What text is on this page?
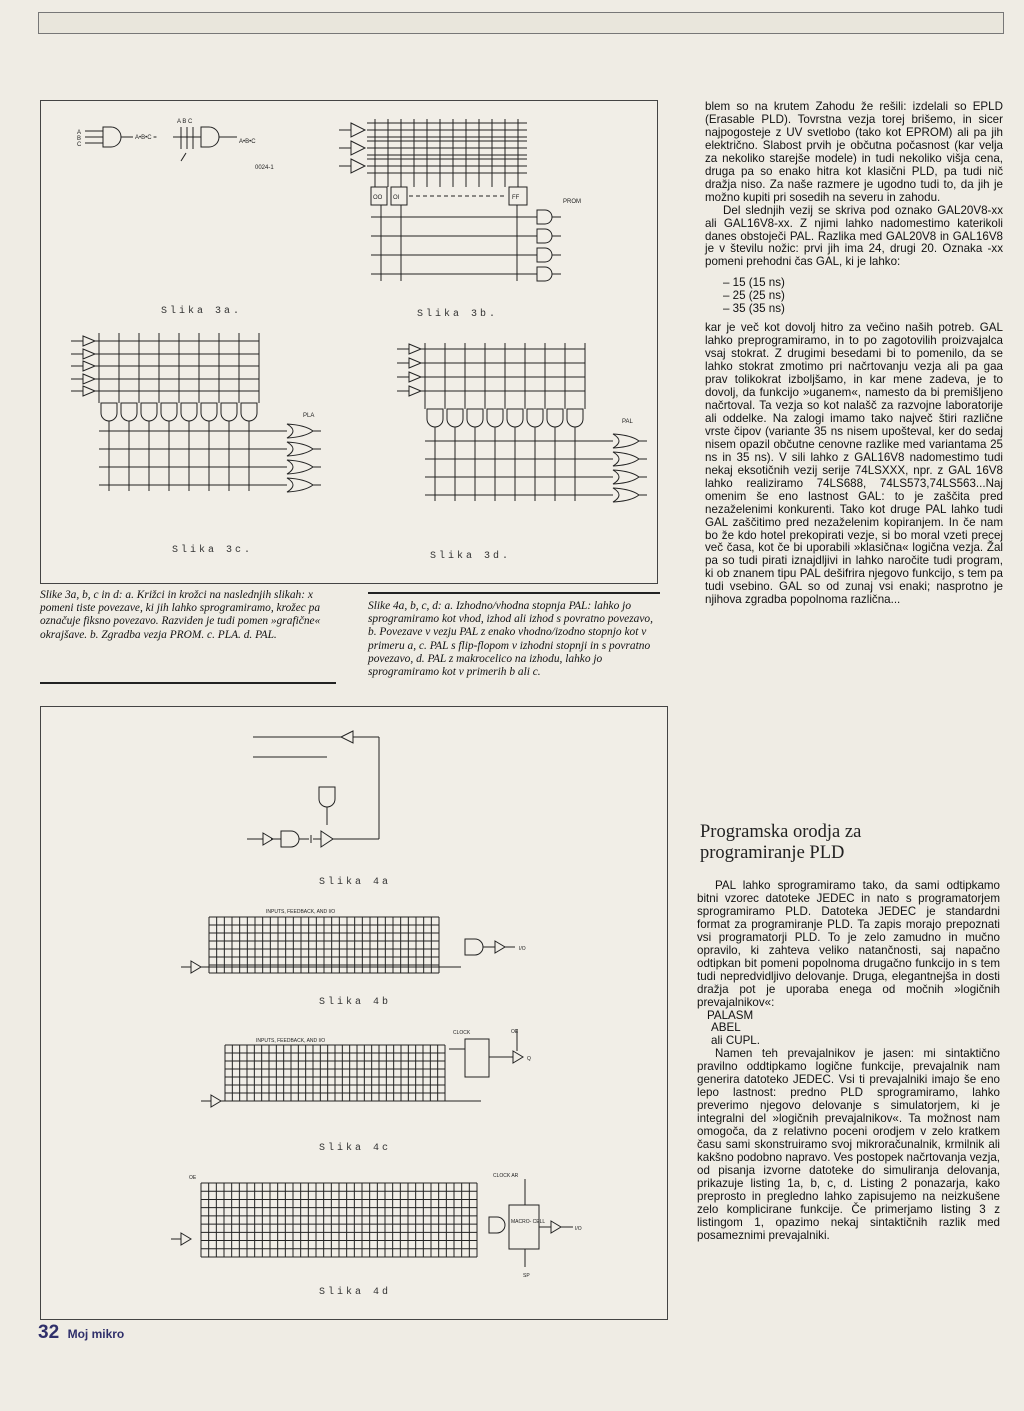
A
B
C
A•B•C =
A B C
A•B•C
0024-1
OO OI	FF
PROM
PLA
PAL
Slika 3a.	Slika 3b.
Slika 3c.
Slika 3d.
Slike 3a, b, c in d: a. Križci in krožci na naslednjih slikah: x pomeni tiste povezave, ki jih lahko sprogramiramo, krožec pa označuje fiksno povezavo. Razviden je tudi pomen »grafične« okrajšave. b. Zgradba vezja PROM. c. PLA. d. PAL.
Slike 4a, b, c, d: a. Izhodno/vhodna stopnja PAL: lahko jo sprogramiramo kot vhod, izhod ali izhod s povratno povezavo, b. Povezave v vezju PAL z enako vhodno/izodno stopnjo kot v primeru a, c. PAL s flip-flopom v izhodni stopnji in s povratno povezavo, d. PAL z makrocelico na izhodu, lahko jo sprogramiramo kot v primerih b ali c.
INPUTS, FEEDBACK, AND I/O
I/O
INPUTS, FEEDBACK, AND I/O
CLOCK	OE
Q
OE	CLOCK AR
MACRO- CELL
I/O
SP
Slika 4a
Slika 4b
Slika 4c
Slika 4d

blem so na krutem Zahodu že rešili: izdelali so EPLD (Erasable PLD). Tovrstna vezja torej brišemo, in sicer najpogosteje z UV svetlobo (tako kot EPROM) ali pa jih električno. Slabost prvih je občutna počasnost (kar velja za nekoliko starejše modele) in tudi nekoliko višja cena, druga pa so enako hitra kot klasični PLD, pa tudi nič dražja niso. Za naše razmere je ugodno tudi to, da jih je možno kupiti pri sosedih na severu in zahodu.

Del slednjih vezij se skriva pod oznako GAL20V8-xx ali GAL16V8-xx. Z njimi lahko nadomestimo katerikoli danes obstoječi PAL. Razlika med GAL20V8 in GAL16V8 je v številu nožic: prvi jih ima 24, drugi 20. Oznaka -xx pomeni prehodni čas GAL, ki je lahko:

– 15 (15 ns)
– 25 (25 ns)
– 35 (35 ns)

kar je več kot dovolj hitro za večino naših potreb. GAL lahko preprogramiramo, in to po zagotovilih proizvajalca vsaj stokrat. Z drugimi besedami bi to pomenilo, da se lahko stokrat zmotimo pri načrtovanju vezja ali pa gaa prav tolikokrat izboljšamo, in kar mene zadeva, je to dovolj, da funkcijo »uganem«, namesto da bi premišljeno načrtoval. Ta vezja so kot nalašč za razvojne laboratorije ali oddelke. Na zalogi imamo tako največ štiri različne vrste čipov (variante 35 ns nisem upošteval, ker do sedaj nisem opazil občutne cenovne razlike med variantama 25 ns in 35 ns). V sili lahko z GAL16V8 nadomestimo tudi nekaj eksotičnih vezij serije 74LSXXX, npr. z GAL 16V8 lahko realiziramo 74LS688, 74LS573,74LS563...Naj omenim še eno lastnost GAL: to je zaščita pred nezaželenimi konkurenti. Tako kot druge PAL lahko tudi GAL zaščitimo pred nezaželenim kopiranjem. In če nam bo že kdo hotel prekopirati vezje, si bo moral vzeti precej več časa, kot če bi uporabili »klasična« logična vezja. Žal pa so tudi pirati iznajdljivi in lahko naročite tudi program, ki ob znanem tipu PAL dešifrira njegovo funkcijo, s tem pa tudi vsebino. GAL so od zunaj vsi enaki; nasprotno je njihova zgradba popolnoma različna...

Programska orodja za programiranje PLD

PAL lahko sprogramiramo tako, da sami odtipkamo bitni vzorec datoteke JEDEC in nato s programatorjem sprogramiramo PLD. Datoteka JEDEC je standardni format za programiranje PLD. Ta zapis morajo prepoznati vsi programatorji PLD. To je zelo zamudno in mučno opravilo, ki zahteva veliko natančnosti, saj napačno odtipkan bit pomeni popolnoma drugačno funkcijo in s tem tudi nepredvidljivo delovanje. Druga, elegantnejša in dosti dražja pot je uporaba enega od močnih »logičnih prevajalnikov«:

PALASM
ABEL
ali CUPL.

Namen teh prevajalnikov je jasen: mi sintaktično pravilno oddtipkamo logične funkcije, prevajalnik nam generira datoteko JEDEC. Vsi ti prevajalniki imajo še eno lepo lastnost: predno PLD sprogramiramo, lahko preverimo njegovo delovanje s simulatorjem, ki je integralni del »logičnih prevajalnikov«. Ta možnost nam omogoča, da z relativno poceni orodjem v zelo kratkem času sami skonstruiramo svoj mikroračunalnik, krmilnik ali kakšno podobno napravo. Ves postopek načrtovanja vezja, od pisanja izvorne datoteke do simuliranja delovanja, prikazuje listing 1a, b, c, d. Listing 2 ponazarja, kako preprosto in pregledno lahko zapisujemo na neizkušene zelo komplicirane funkcije. Če primerjamo listing 3 z listingom 1, opazimo nekaj sintaktičnih razlik med posameznimi prevajalniki.

32 Moj mikro
